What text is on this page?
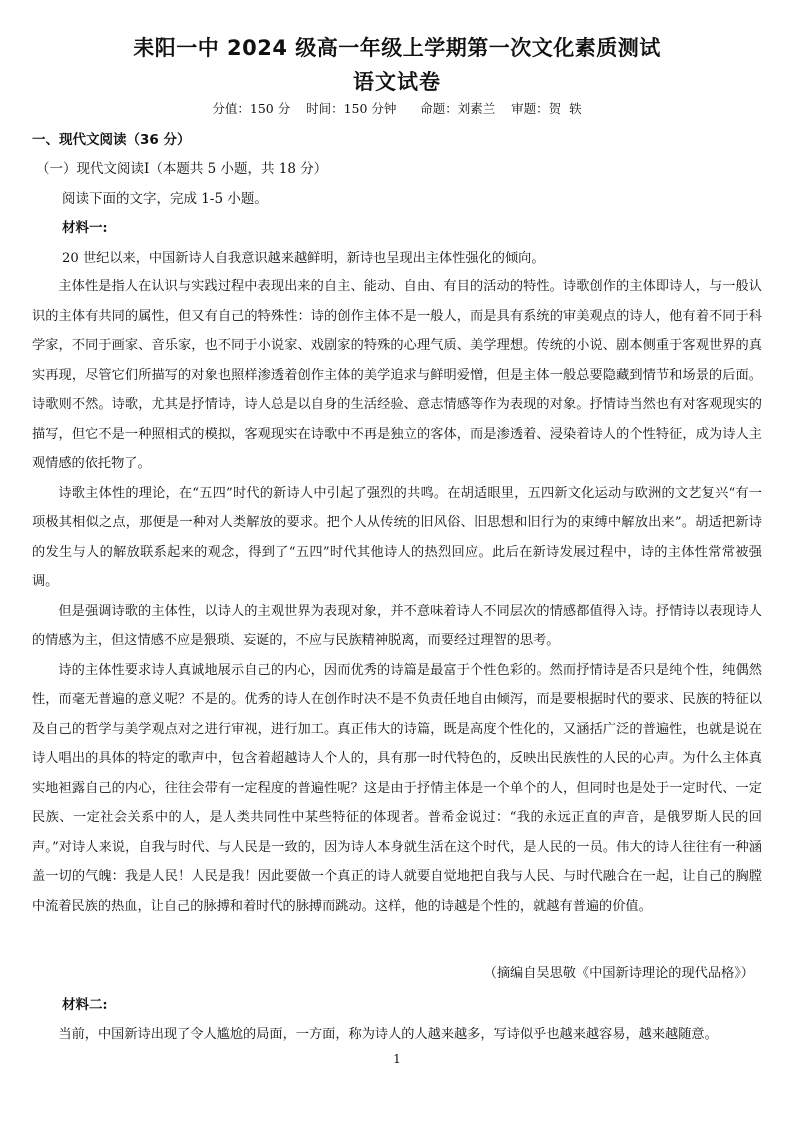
耒阳一中 2024 级高一年级上学期第一次文化素质测试
语文试卷
分值：150 分    时间：150 分钟      命题：刘素兰    审题：贺  轶
一、现代文阅读（36 分）
（一）现代文阅读Ⅰ（本题共 5 小题，共 18 分）
阅读下面的文字，完成 1-5 小题。
材料一:

20 世纪以来，中国新诗人自我意识越来越鲜明，新诗也呈现出主体性强化的倾向。

主体性是指人在认识与实践过程中表现出来的自主、能动、自由、有目的活动的特性。诗歌创作的主体即诗人，与一般认识的主体有共同的属性，但又有自己的特殊性：诗的创作主体不是一般人，而是具有系统的审美观点的诗人，他有着不同于科学家，不同于画家、音乐家，也不同于小说家、戏剧家的特殊的心理气质、美学理想。传统的小说、剧本侧重于客观世界的真实再现，尽管它们所描写的对象也照样渗透着创作主体的美学追求与鲜明爱憎，但是主体一般总要隐藏到情节和场景的后面。诗歌则不然。诗歌，尤其是抒情诗，诗人总是以自身的生活经验、意志情感等作为表现的对象。抒情诗当然也有对客观现实的描写，但它不是一种照相式的模拟，客观现实在诗歌中不再是独立的客体，而是渗透着、浸染着诗人的个性特征，成为诗人主观情感的依托物了。

诗歌主体性的理论，在“五四”时代的新诗人中引起了强烈的共鸣。在胡适眼里，五四新文化运动与欧洲的文艺复兴“有一项极其相似之点，那便是一种对人类解放的要求。把个人从传统的旧风俗、旧思想和旧行为的束缚中解放出来”。胡适把新诗的发生与人的解放联系起来的观念，得到了“五四”时代其他诗人的热烈回应。此后在新诗发展过程中，诗的主体性常常被强调。

但是强调诗歌的主体性，以诗人的主观世界为表现对象，并不意味着诗人不同层次的情感都值得入诗。抒情诗以表现诗人的情感为主，但这情感不应是猥琐、妄诞的，不应与民族精神脱离，而要经过理智的思考。

诗的主体性要求诗人真诚地展示自己的内心，因而优秀的诗篇是最富于个性色彩的。然而抒情诗是否只是纯个性，纯偶然性，而毫无普遍的意义呢？不是的。优秀的诗人在创作时决不是不负责任地自由倾泻，而是要根据时代的要求、民族的特征以及自己的哲学与美学观点对之进行审视，进行加工。真正伟大的诗篇，既是高度个性化的，又涵括广泛的普遍性，也就是说在诗人唱出的具体的特定的歌声中，包含着超越诗人个人的，具有那一时代特色的，反映出民族性的人民的心声。为什么主体真实地袒露自己的内心，往往会带有一定程度的普遍性呢？这是由于抒情主体是一个单个的人，但同时也是处于一定时代、一定民族、一定社会关系中的人，是人类共同性中某些特征的体现者。普希金说过：“我的永远正直的声音，是俄罗斯人民的回声。”对诗人来说，自我与时代、与人民是一致的，因为诗人本身就生活在这个时代，是人民的一员。伟大的诗人往往有一种涵盖一切的气魄：我是人民！人民是我！因此要做一个真正的诗人就要自觉地把自我与人民、与时代融合在一起，让自己的胸膛中流着民族的热血，让自己的脉搏和着时代的脉搏而跳动。这样，他的诗越是个性的，就越有普遍的价值。

（摘编自吴思敬《中国新诗理论的现代品格》）
材料二:

当前，中国新诗出现了令人尴尬的局面，一方面，称为诗人的人越来越多，写诗似乎也越来越容易，越来越随意。

1
